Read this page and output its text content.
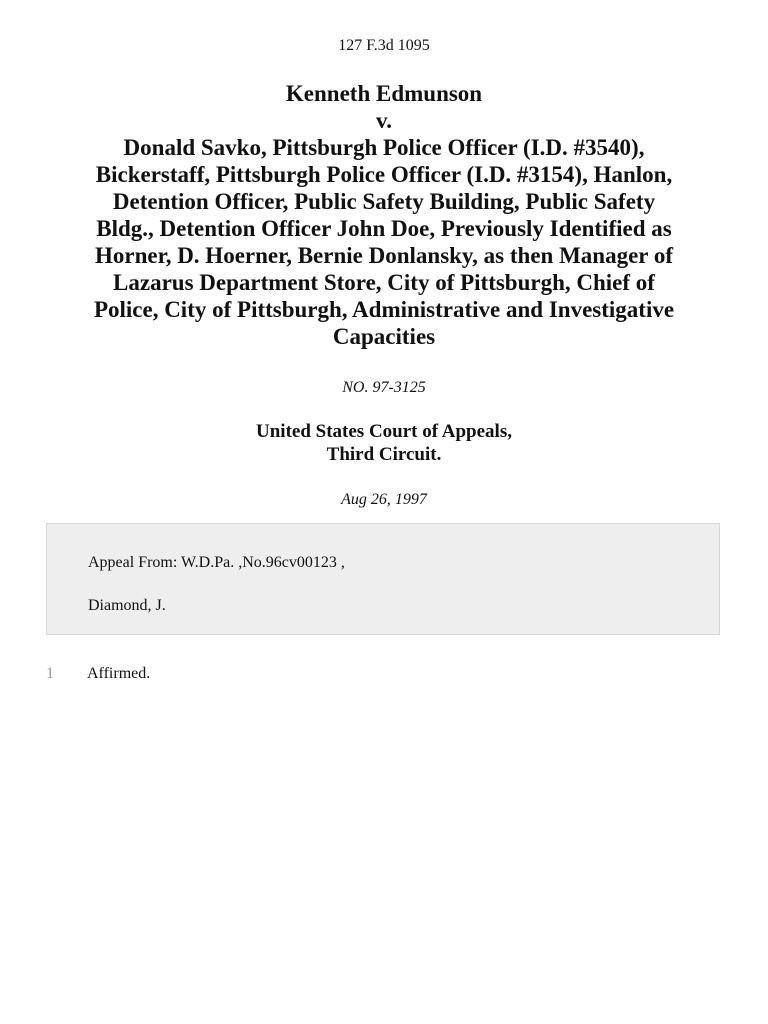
127 F.3d 1095

Kenneth Edmunson
v.
Donald Savko, Pittsburgh Police Officer (I.D. #3540),
Bickerstaff, Pittsburgh Police Officer (I.D. #3154), Hanlon,
Detention Officer, Public Safety Building, Public Safety
Bldg., Detention Officer John Doe, Previously Identified as
Horner, D. Hoerner, Bernie Donlansky, as then Manager of
Lazarus Department Store, City of Pittsburgh, Chief of
Police, City of Pittsburgh, Administrative and Investigative
Capacities

NO. 97-3125

United States Court of Appeals,
Third Circuit.

Aug 26, 1997

Appeal From: W.D.Pa. ,No.96cv00123 ,

Diamond, J.

1 Affirmed.
